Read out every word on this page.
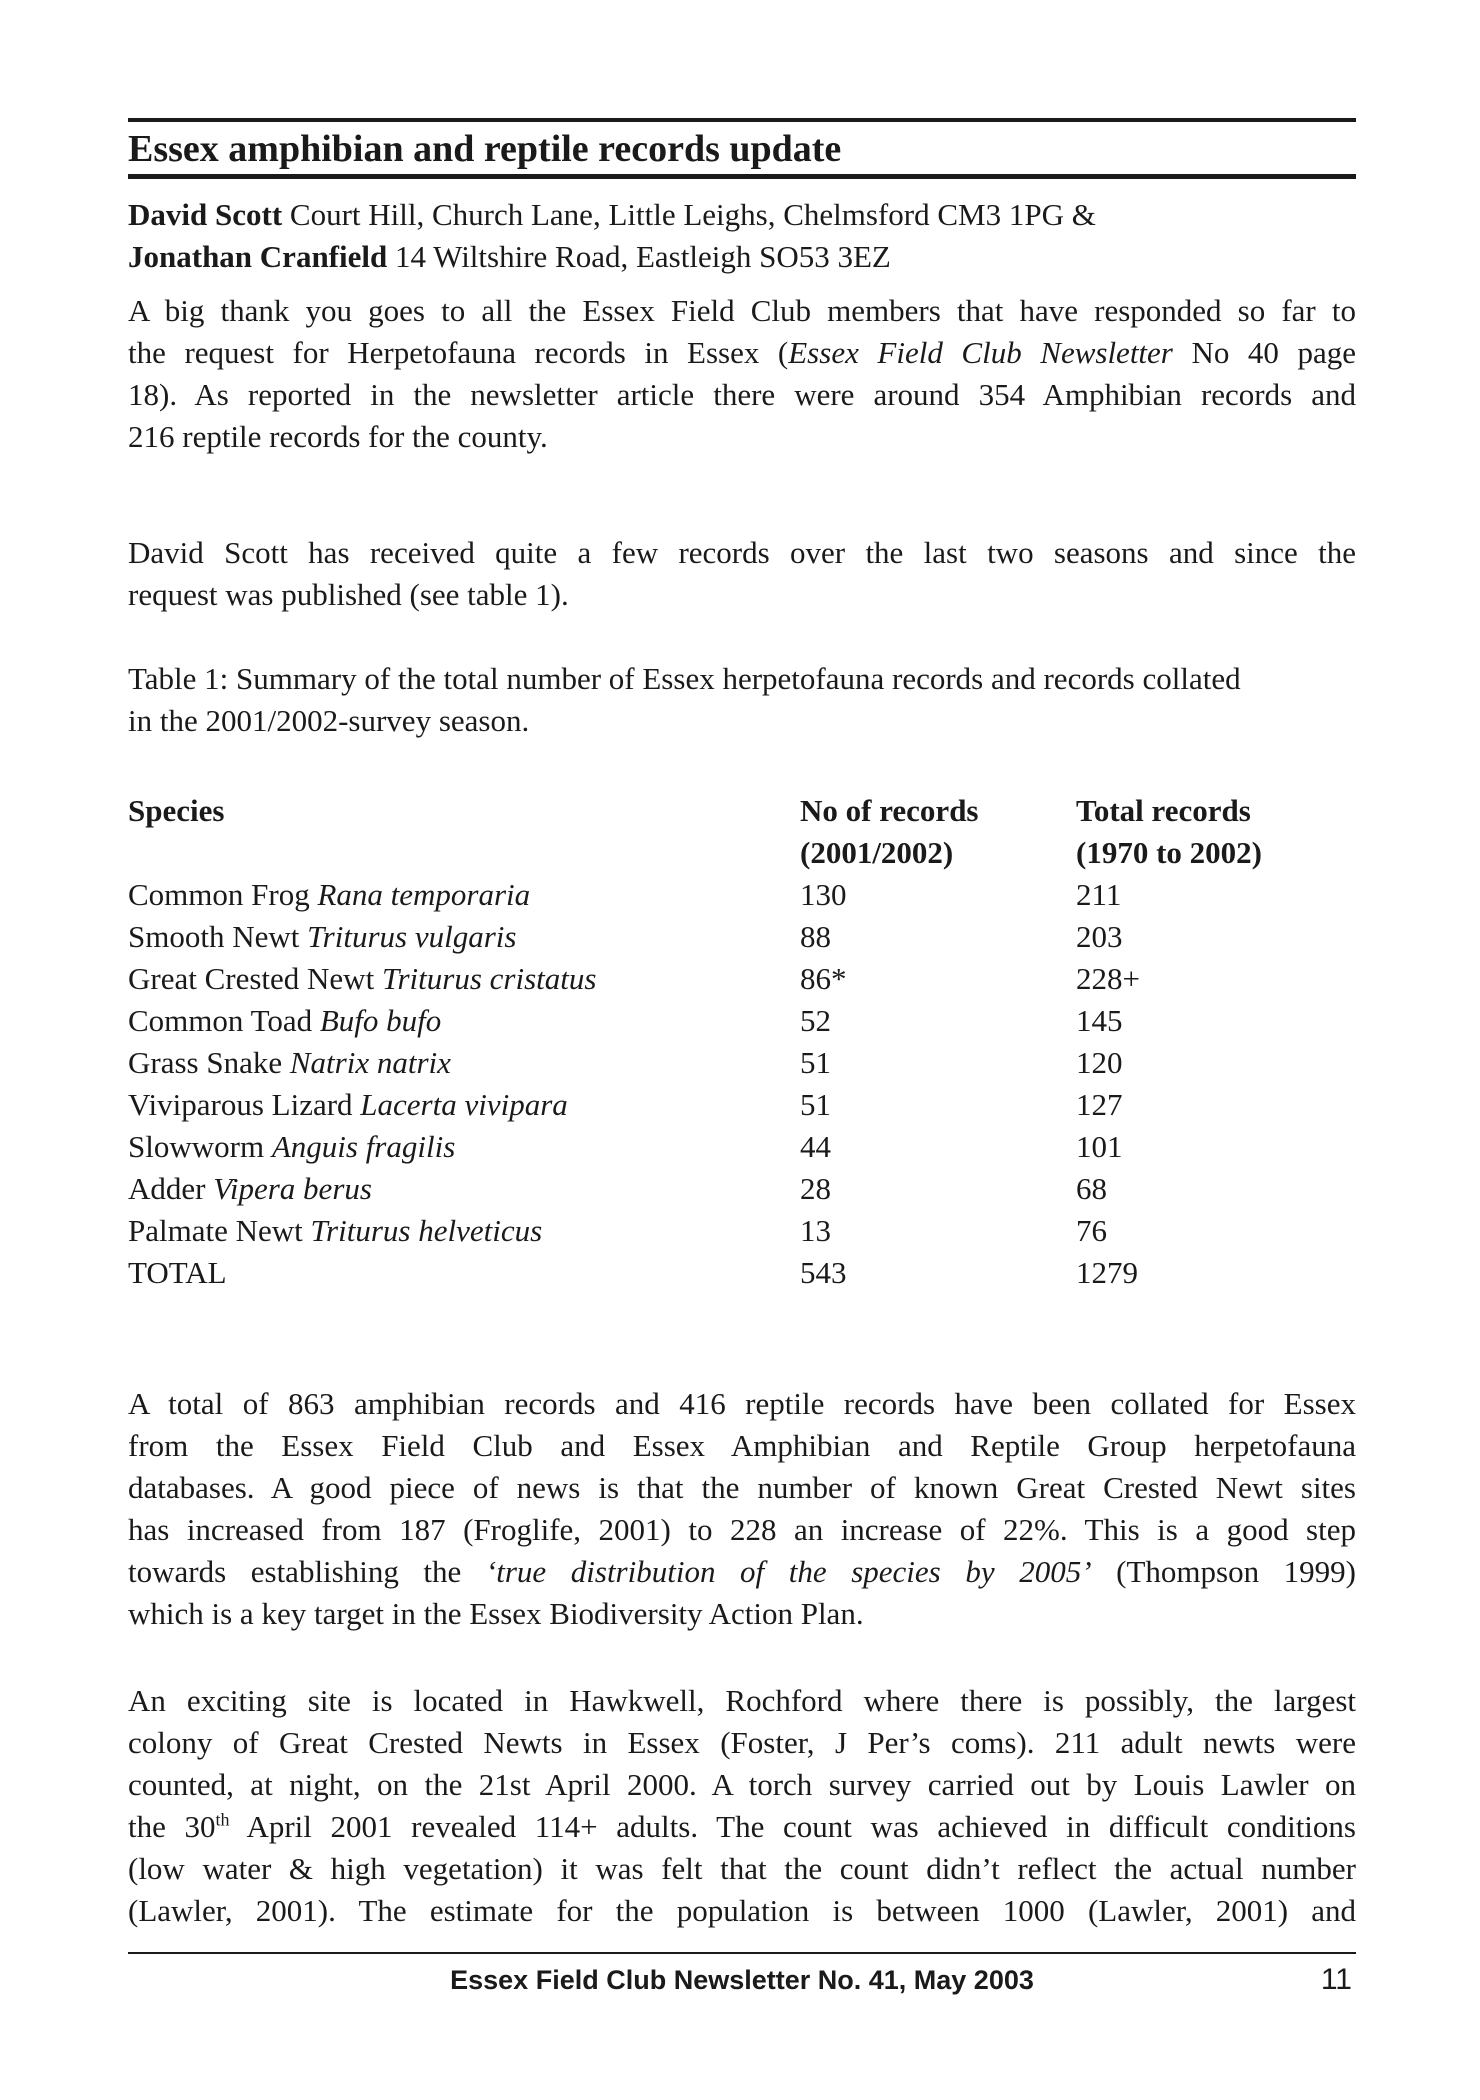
Essex amphibian and reptile records update
David Scott Court Hill, Church Lane, Little Leighs, Chelmsford CM3 1PG &
Jonathan Cranfield 14 Wiltshire Road, Eastleigh SO53 3EZ
A big thank you goes to all the Essex Field Club members that have responded so far to
the request for Herpetofauna records in Essex (Essex Field Club Newsletter No 40 page
18). As reported in the newsletter article there were around 354 Amphibian records and
216 reptile records for the county.
David Scott has received quite a few records over the last two seasons and since the
request was published (see table 1).
Table 1: Summary of the total number of Essex herpetofauna records and records collated
in the 2001/2002-survey season.
Species	No of records	Total records
(2001/2002)	(1970 to 2002)
Common Frog Rana temporaria	130	211
Smooth Newt Triturus vulgaris	88	203
Great Crested Newt Triturus cristatus	86*	228+
Common Toad Bufo bufo	52	145
Grass Snake Natrix natrix	51	120
Viviparous Lizard Lacerta vivipara	51	127
Slowworm Anguis fragilis	44	101
Adder Vipera berus	28	68
Palmate Newt Triturus helveticus	13	76
TOTAL	543	1279
A total of 863 amphibian records and 416 reptile records have been collated for Essex
from the Essex Field Club and Essex Amphibian and Reptile Group herpetofauna
databases. A good piece of news is that the number of known Great Crested Newt sites
has increased from 187 (Froglife, 2001) to 228 an increase of 22%. This is a good step
towards establishing the ‘true distribution of the species by 2005’ (Thompson 1999)
which is a key target in the Essex Biodiversity Action Plan.
An exciting site is located in Hawkwell, Rochford where there is possibly, the largest
colony of Great Crested Newts in Essex (Foster, J Per’s coms). 211 adult newts were
counted, at night, on the 21st April 2000. A torch survey carried out by Louis Lawler on
the 30th April 2001 revealed 114+ adults. The count was achieved in difficult conditions
(low water & high vegetation) it was felt that the count didn’t reflect the actual number
(Lawler, 2001). The estimate for the population is between 1000 (Lawler, 2001) and
Essex Field Club Newsletter No. 41, May 2003	11
